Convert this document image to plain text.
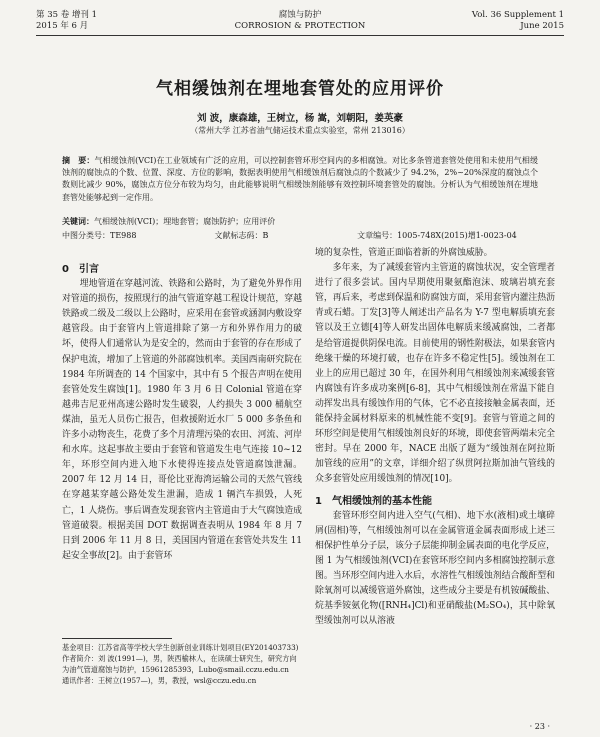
第 35 卷 增刊 1
2015 年 6 月
腐蚀与防护
CORROSION & PROTECTION
Vol. 36 Supplement 1
June 2015
气相缓蚀剂在埋地套管处的应用评价
刘 波，康森雄，王树立，杨 嵩，刘朝阳，姜英豪
（常州大学 江苏省油气储运技术重点实验室，常州 213016）
摘　要：气相缓蚀剂(VCI)在工业领域有广泛的应用，可以控制套管环形空间内的多相腐蚀。对比多条管道套管处使用和未使用气相缓蚀剂的腐蚀点的个数、位置、深度、方位的影响，数据表明使用气相缓蚀剂后腐蚀点的个数减少了 94.2%，2%~20%深度的腐蚀点个数则比减少 90%，腐蚀点方位分布较为均匀，由此能够说明气相缓蚀剂能够有效控制环境套管处的腐蚀。分析认为气相缓蚀剂在埋地套管处能够起到一定作用。
关键词：气相缓蚀剂(VCI)；埋地套管；腐蚀防护；应用评价
中图分类号：TE988	文献标志码：B	文章编号：1005-748X(2015)增1-0023-04

0　引言

埋地管道在穿越河流、铁路和公路时，为了避免外界作用对管道的损伤，按照现行的油气管道穿越工程设计规范，穿越铁路或二级及二级以上公路时，应采用在套管或涵洞内敷设穿越管段。由于套管内上管道排除了第一方和外界作用力的破坏，使得人们通常认为是安全的，然而由于套管的存在形成了保护电流，增加了上管道的外部腐蚀机率。美国西南研究院在 1984 年所调查的 14 个国家中，其中有 5 个报告声明在使用套管处发生腐蚀[1]。1980 年 3 月 6 日 Colonial 管道在穿越弗吉尼亚州高速公路时发生破裂，人约损失 3 000 桶航空煤油，虽无人员伤亡报告，但救援附近水厂 5 000 多条鱼和许多小动物丧生，花费了多个月清理污染的农田、河流、河岸和水库。这起事故主要由于套管和管道发生电气连接 10~12 年，环形空间内进入地下水使得连接点处管道腐蚀泄漏。2007 年 12 月 14 日，哥伦比亚海湾运输公司的天然气管线在穿越某穿越公路处发生泄漏，造成 1 辆汽车损毁，人死亡，1 人烧伤。事后调查发现套管内主管道由于大气腐蚀造成管道破裂。根据美国 DOT 数据调查表明从 1984 年 8 月 7 日到 2006 年 11 月 8 日，美国国内管道在套管处共发生 11 起安全事故[2]。由于套管环

境的复杂性，管道正面临着新的外腐蚀威胁。

多年来，为了减缓套管内主管道的腐蚀状况，安全管理者进行了很多尝试。国内早期使用聚氨酯泡沫、玻璃岩填充套管，再后来，考虑到保温和防腐蚀方面，采用套管内灌注热沥青或石蜡。丁发[3]等人阐述出产品名为 Y-7 型电解质填充套管以及王立德[4]等人研发出固体电解质来缓减腐蚀，二者都是给管道提供阴保电流。目前使用的钢性附极法，如果套管内绝缘干燥的环境打破，也存在许多不稳定性[5]。缓蚀剂在工业上的应用已超过 30 年，在国外利用气相缓蚀剂来减缓套管内腐蚀有许多成功案例[6-8]，其中气相缓蚀剂在常温下能自动挥发出具有缓蚀作用的气体，它不必直接接触金属表面，还能保持金属材料原来的机械性能不变[9]。套管与管道之间的环形空间是使用气相缓蚀剂良好的环境，即使套管两端未完全密封。早在 2000 年，NACE 出版了题为“缓蚀剂在阿拉斯加管线的应用”的文章，详细介绍了纵贯阿拉斯加油气管线的众多套管处应用缓蚀剂的情况[10]。

1　气相缓蚀剂的基本性能

套管环形空间内进入空气(气相)、地下水(液相)或土壤碎屑(固相)等，气相缓蚀剂可以在金属管道金属表面形成上述三相保护性单分子层，该分子层能抑制金属表面的电化学反应，图 1 为气相缓蚀剂(VCI)在套管环形空间内多相腐蚀控制示意图。当环形空间内进入水后，水溶性气相缓蚀剂结合酸酐型和除氧剂可以减缓管道外腐蚀，这些成分主要是有机铵碱酸盐、烷基季铵氨化物([RNH₄]Cl)和亚硝酸盐(M₂SO₄)，其中除氧型缓蚀剂可以从溶液

基金项目：江苏省高等学校大学生创新创业训练计划项目(EY201403733)

作者简介：刘 波(1991—)，男，陕西榆林人，在读硕士研究生，研究方向为油气管道腐蚀与防护，15961285393，Lubo@smail.cczu.edu.cn

通讯作者：王树立(1957—)，男，教授，wsl@cczu.edu.cn

· 23 ·
